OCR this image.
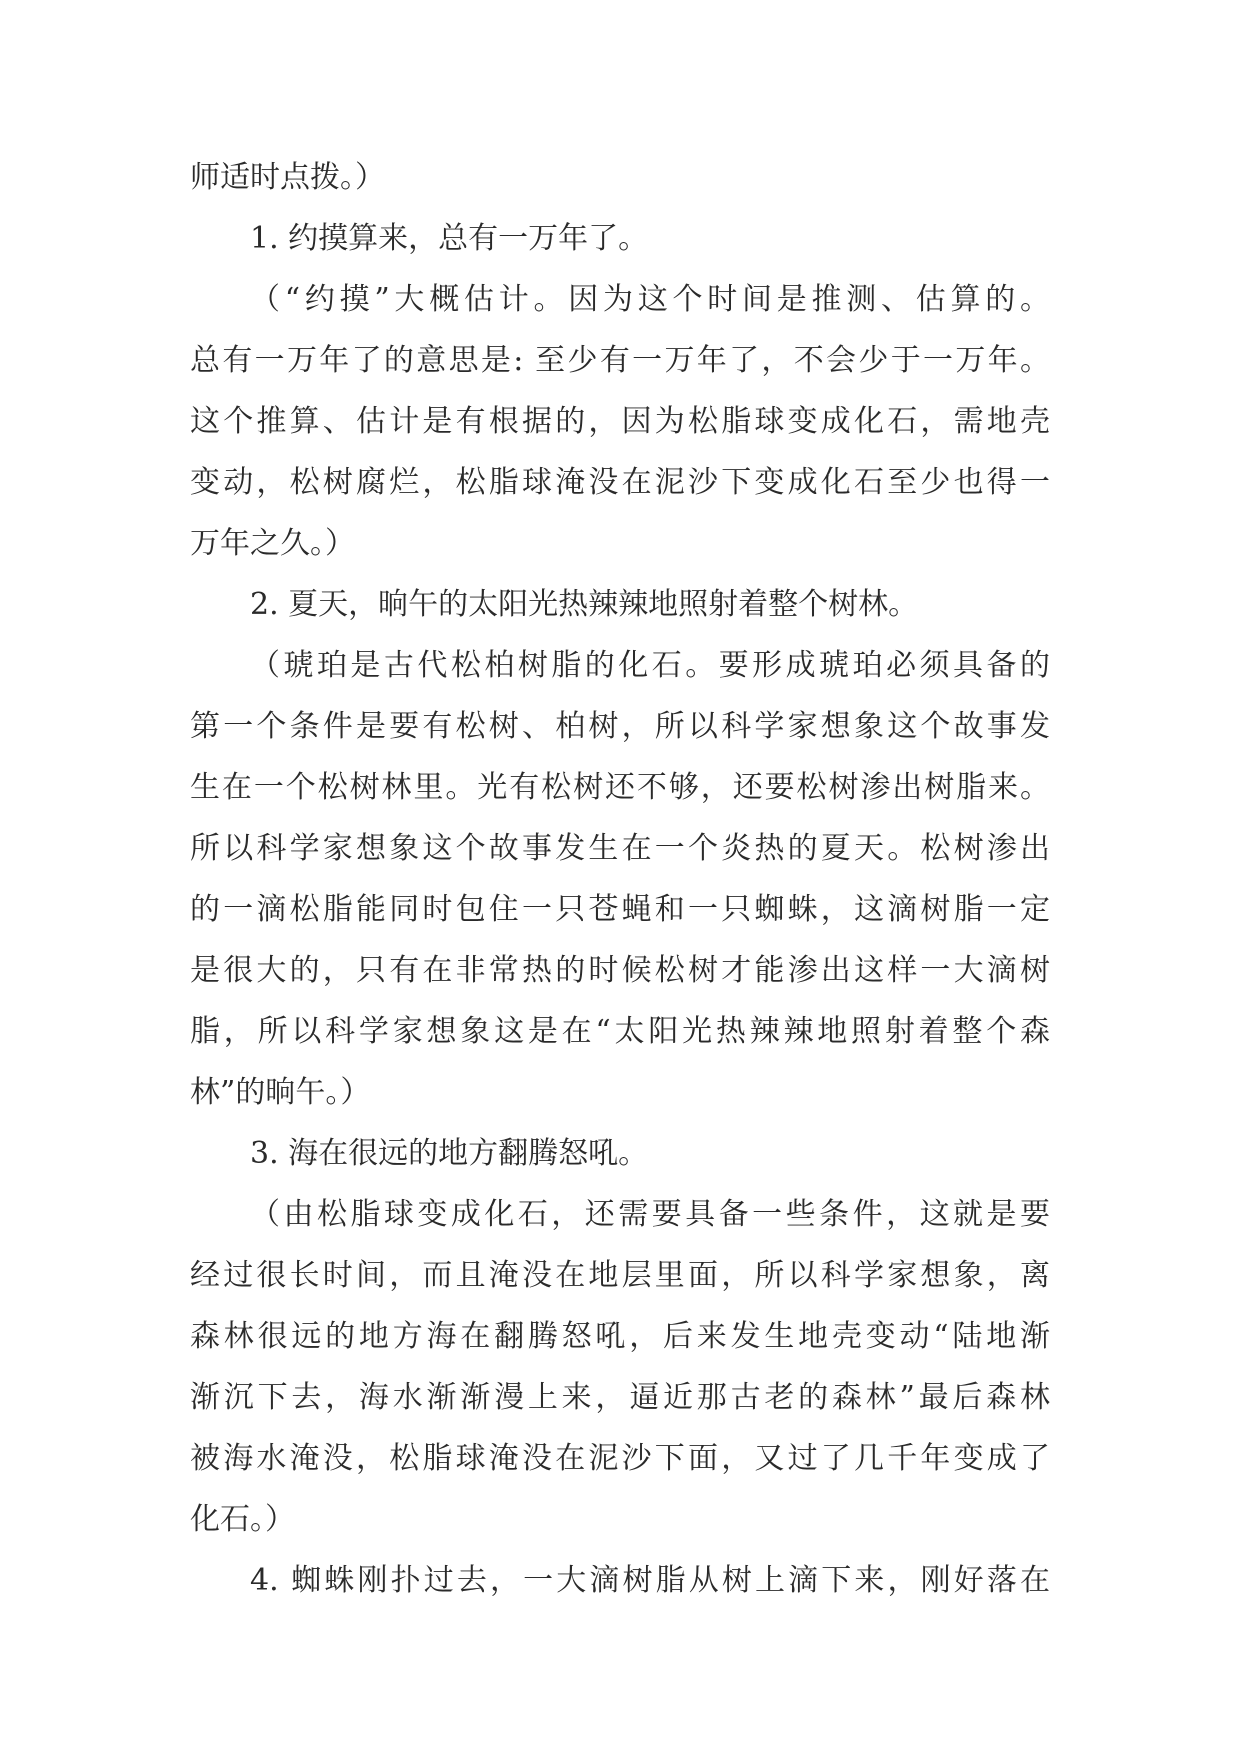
师适时点拨。）
1. 约摸算来，总有一万年了。
（“约摸”大概估计。因为这个时间是推测、估算的。
总有一万年了的意思是: 至少有一万年了，不会少于一万年。
这个推算、估计是有根据的，因为松脂球变成化石，需地壳
变动，松树腐烂，松脂球淹没在泥沙下变成化石至少也得一
万年之久。）
2. 夏天，晌午的太阳光热辣辣地照射着整个树林。
（琥珀是古代松柏树脂的化石。要形成琥珀必须具备的
第一个条件是要有松树、柏树，所以科学家想象这个故事发
生在一个松树林里。光有松树还不够，还要松树渗出树脂来。
所以科学家想象这个故事发生在一个炎热的夏天。松树渗出
的一滴松脂能同时包住一只苍蝇和一只蜘蛛，这滴树脂一定
是很大的，只有在非常热的时候松树才能渗出这样一大滴树
脂，所以科学家想象这是在“太阳光热辣辣地照射着整个森
林”的晌午。）
3. 海在很远的地方翻腾怒吼。
（由松脂球变成化石，还需要具备一些条件，这就是要
经过很长时间，而且淹没在地层里面，所以科学家想象，离
森林很远的地方海在翻腾怒吼，后来发生地壳变动“陆地渐
渐沉下去，海水渐渐漫上来，逼近那古老的森林”最后森林
被海水淹没，松脂球淹没在泥沙下面，又过了几千年变成了
化石。）
4. 蜘蛛刚扑过去，一大滴树脂从树上滴下来，刚好落在
